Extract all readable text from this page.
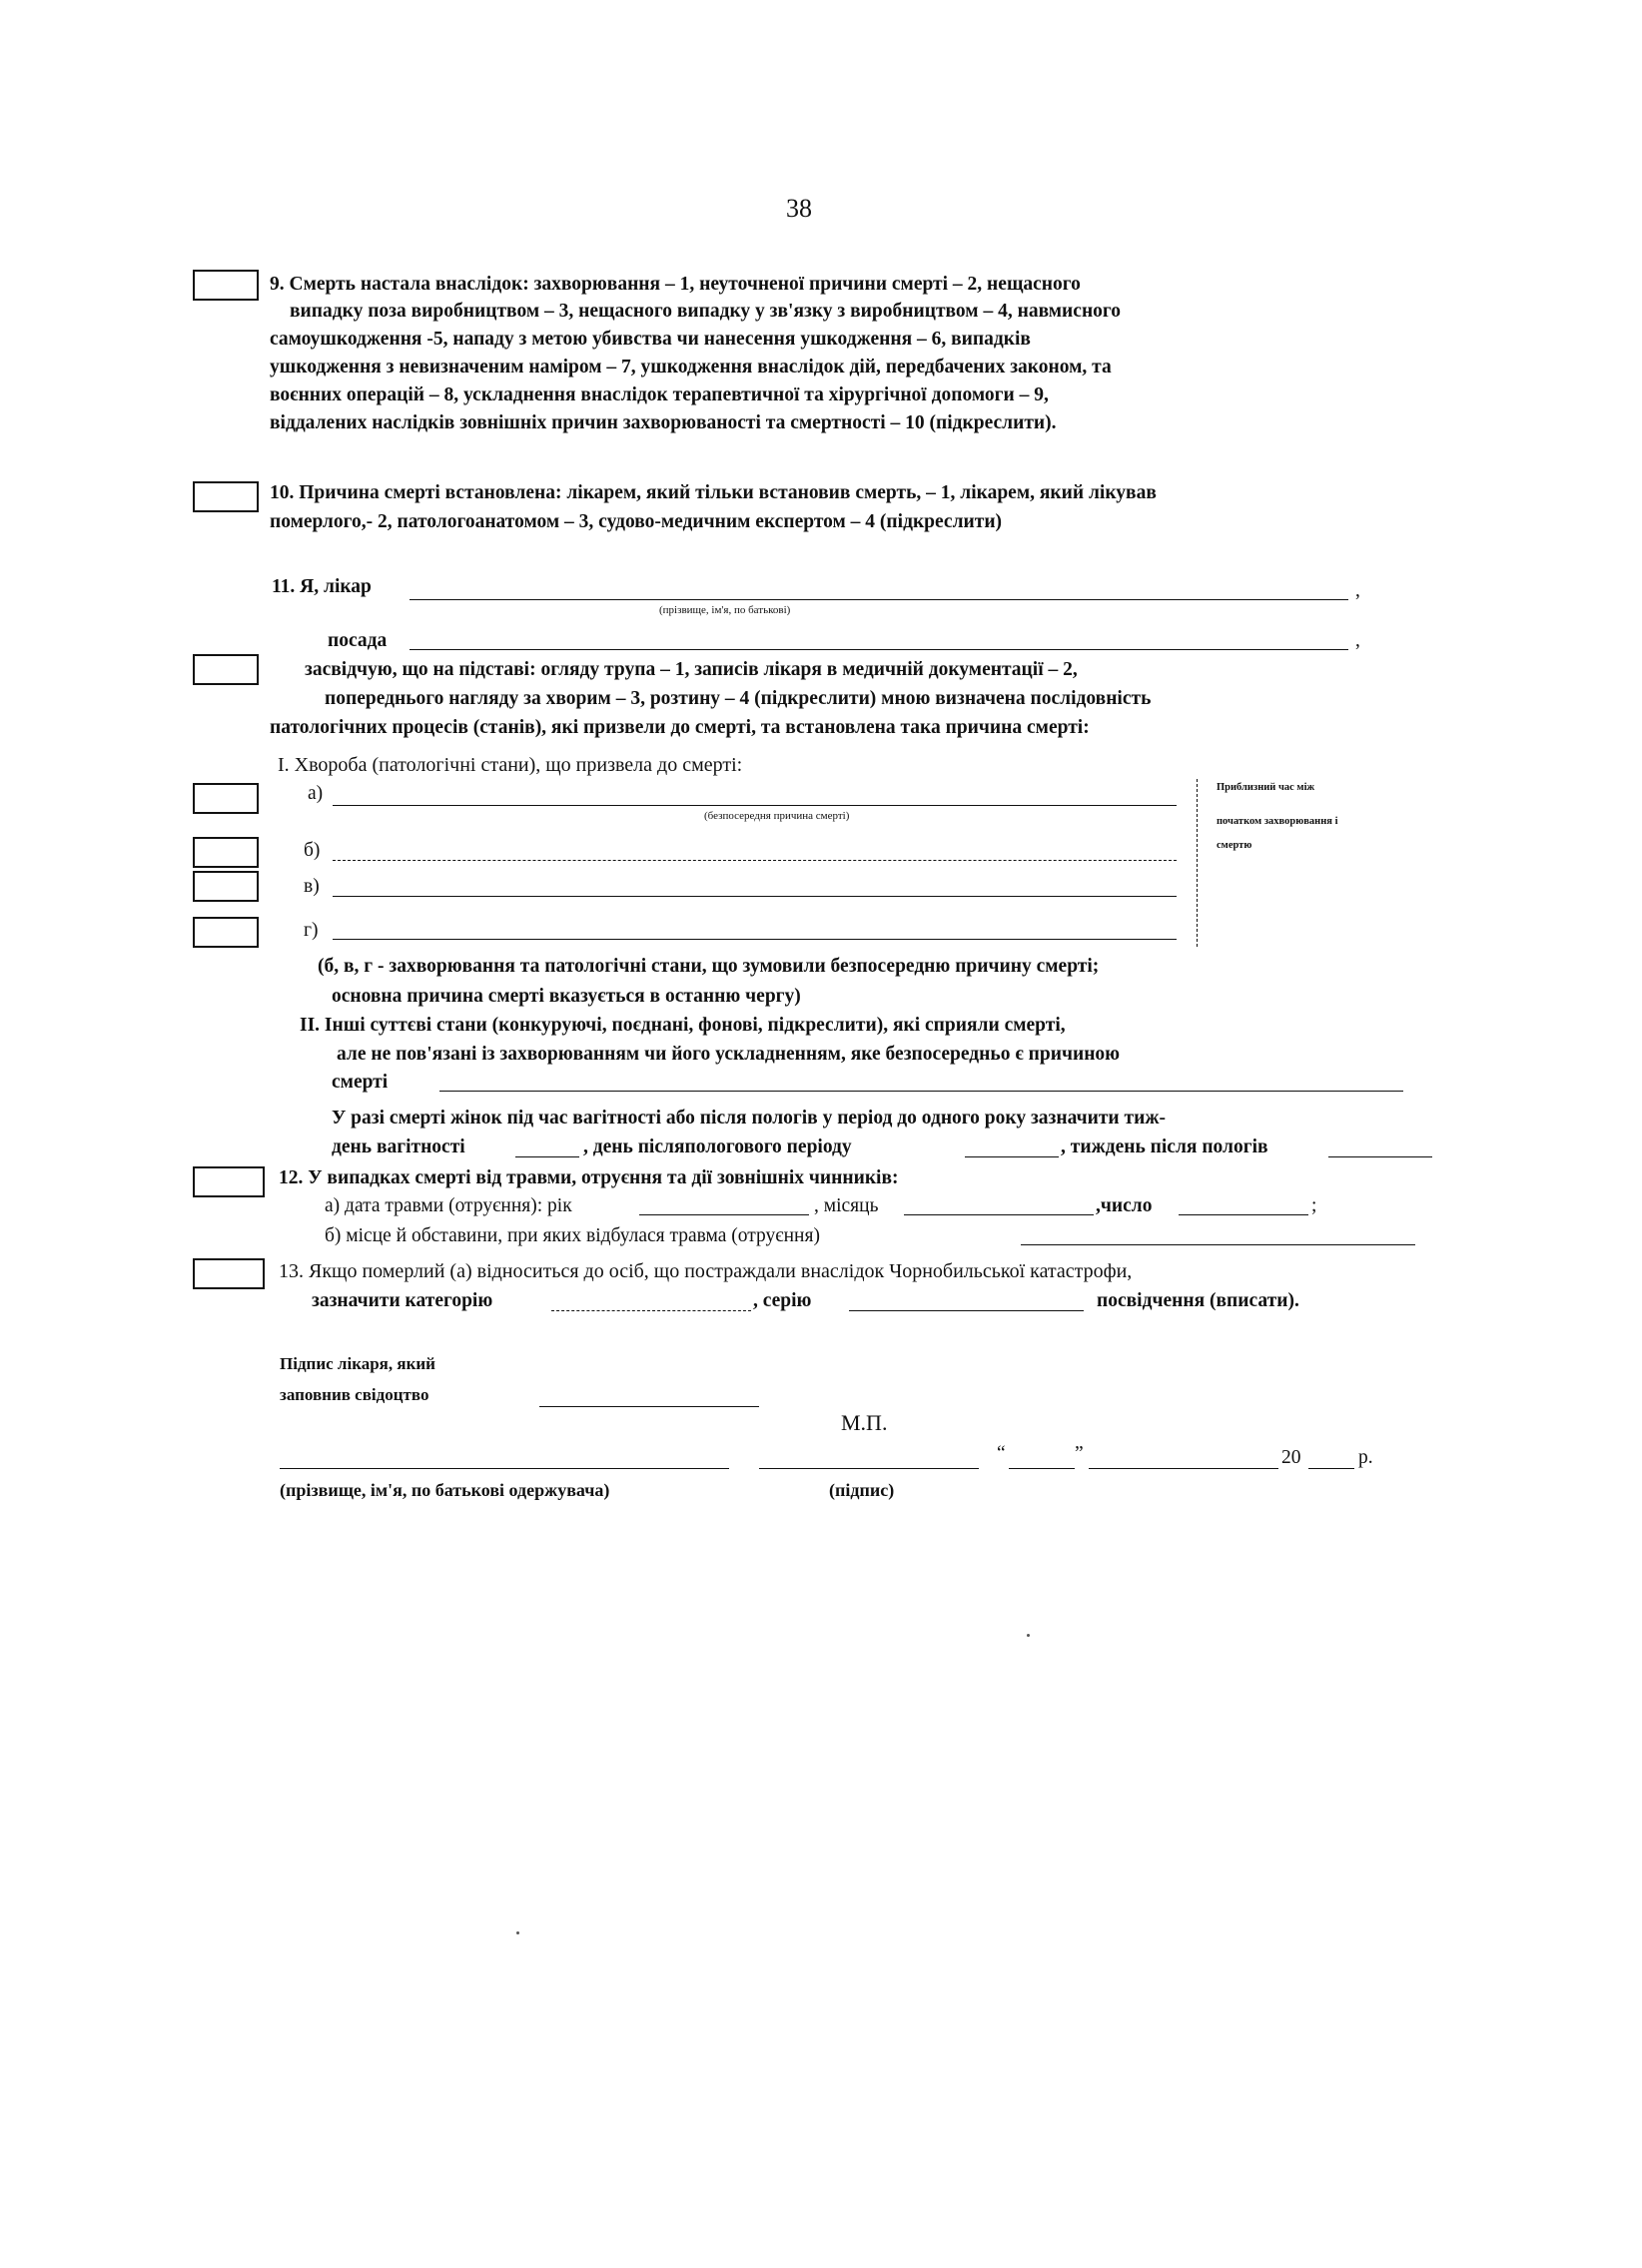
38
9. Смерть настала внаслідок: захворювання – 1, неуточненої причини смерті – 2, нещасного
випадку поза виробництвом – 3, нещасного випадку у зв'язку з виробництвом – 4, навмисного
самоушкодження -5, нападу з метою убивства чи нанесення ушкодження – 6, випадків
ушкодження з невизначеним наміром – 7, ушкодження внаслідок дій, передбачених законом, та
воєнних операцій – 8, ускладнення внаслідок терапевтичної та хірургічної допомоги – 9,
віддалених наслідків зовнішніх причин захворюваності та смертності – 10 (підкреслити).
10. Причина смерті встановлена: лікарем, який тільки встановив смерть, – 1, лікарем, який лікував
померлого,- 2, патологоанатомом – 3, судово-медичним експертом – 4 (підкреслити)
11. Я, лікар	,
(прізвище, ім'я, по батькові)
посада	,
засвідчую, що на підставі: огляду трупа – 1, записів лікаря в медичній документації – 2,
попереднього нагляду за хворим – 3, розтину – 4 (підкреслити) мною визначена послідовність
патологічних процесів (станів), які призвели до смерті, та встановлена така причина смерті:
I. Хвороба (патологічні стани), що призвела до смерті:
а)
(безпосередня причина смерті)
б)
в)
г)
Приблизний час між
початком захворювання і
смертю
(б, в, г - захворювання та патологічні стани, що зумовили безпосередню причину смерті;
основна причина смерті вказується в останню чергу)
II. Інші суттєві стани (конкуруючі, поєднані, фонові, підкреслити), які сприяли смерті,
але не пов'язані із захворюванням чи його ускладненням, яке безпосередньо є причиною
смерті
У разі смерті жінок під час вагітності або після пологів у період до одного року зазначити тиж-
день вагітності	, день післяпологового періоду	, тиждень після пологів
12. У випадках смерті від травми, отруєння та дії зовнішніх чинників:
а) дата травми (отруєння): рік	, місяць	,число	;
б) місце й обставини, при яких відбулася травма (отруєння)
13. Якщо померлий (а) відноситься до осіб, що постраждали внаслідок Чорнобильської катастрофи,
зазначити категорію	, серію	посвідчення (вписати).
Підпис лікаря, який
заповнив свідоцтво
М.П.
“	”	20	р.
(прізвище, ім'я, по батькові одержувача)	(підпис)
